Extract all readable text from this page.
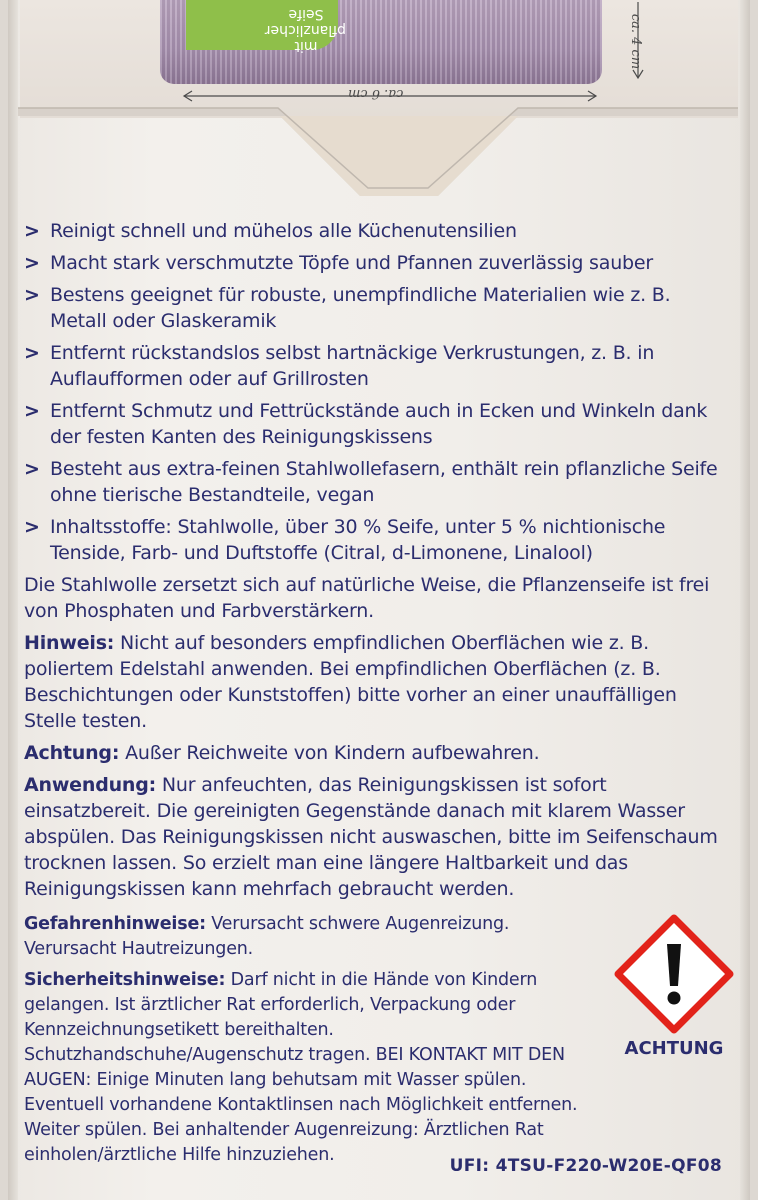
mit pflanzlicher Seife
ca. 6 cm
ca. 4 cm
> Reinigt schnell und mühelos alle Küchenutensilien
> Macht stark verschmutzte Töpfe und Pfannen zuverlässig sauber
> Bestens geeignet für robuste, unempfindliche Materialien wie z. B. Metall oder Glaskeramik
> Entfernt rückstandslos selbst hartnäckige Verkrustungen, z. B. in Auflaufformen oder auf Grillrosten
> Entfernt Schmutz und Fettrückstände auch in Ecken und Winkeln dank der festen Kanten des Reinigungskissens
> Besteht aus extra-feinen Stahlwollefasern, enthält rein pflanzliche Seife ohne tierische Bestandteile, vegan
> Inhaltsstoffe: Stahlwolle, über 30 % Seife, unter 5 % nichtionische Tenside, Farb- und Duftstoffe (Citral, d-Limonene, Linalool)
Die Stahlwolle zersetzt sich auf natürliche Weise, die Pflanzenseife ist frei von Phosphaten und Farbverstärkern.
Hinweis: Nicht auf besonders empfindlichen Oberflächen wie z. B. poliertem Edelstahl anwenden. Bei empfindlichen Oberflächen (z. B. Beschichtungen oder Kunststoffen) bitte vorher an einer unauffälligen Stelle testen.
Achtung: Außer Reichweite von Kindern aufbewahren.
Anwendung: Nur anfeuchten, das Reinigungskissen ist sofort einsatzbereit. Die gereinigten Gegenstände danach mit klarem Wasser abspülen. Das Reinigungskissen nicht auswaschen, bitte im Seifenschaum trocknen lassen. So erzielt man eine längere Haltbarkeit und das Reinigungskissen kann mehrfach gebraucht werden.
Gefahrenhinweise: Verursacht schwere Augenreizung. Verursacht Hautreizungen.
Sicherheitshinweise: Darf nicht in die Hände von Kindern gelangen. Ist ärztlicher Rat erforderlich, Verpackung oder Kennzeichnungsetikett bereithalten. Schutzhandschuhe/Augenschutz tragen. BEI KONTAKT MIT DEN AUGEN: Einige Minuten lang behutsam mit Wasser spülen. Eventuell vorhandene Kontaktlinsen nach Möglichkeit entfernen. Weiter spülen. Bei anhaltender Augenreizung: Ärztlichen Rat einholen/ärztliche Hilfe hinzuziehen.
ACHTUNG
UFI: 4TSU-F220-W20E-QF08
